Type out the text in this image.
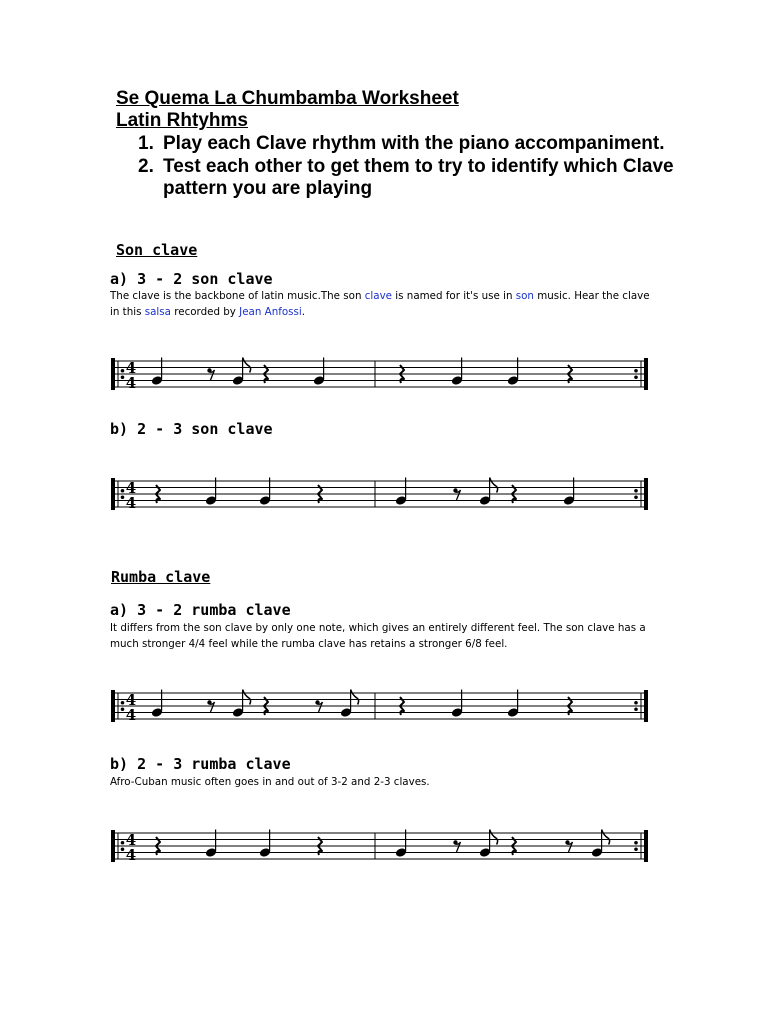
Se Quema La Chumbamba Worksheet
Latin Rhtyhms
1. Play each Clave rhythm with the piano accompaniment.
2. Test each other to get them to try to identify which Clave pattern you are playing
Son clave
a) 3 - 2 son clave
The clave is the backbone of latin music.The son clave is named for it's use in son music. Hear the clave in this salsa recorded by Jean Anfossi.
4
4
b) 2 - 3 son clave
4
4
Rumba clave
a) 3 - 2 rumba clave
It differs from the son clave by only one note, which gives an entirely different feel. The son clave has a much stronger 4/4 feel while the rumba clave has retains a stronger 6/8 feel.
4
4
b) 2 - 3 rumba clave
Afro-Cuban music often goes in and out of 3-2 and 2-3 claves.
4
4
